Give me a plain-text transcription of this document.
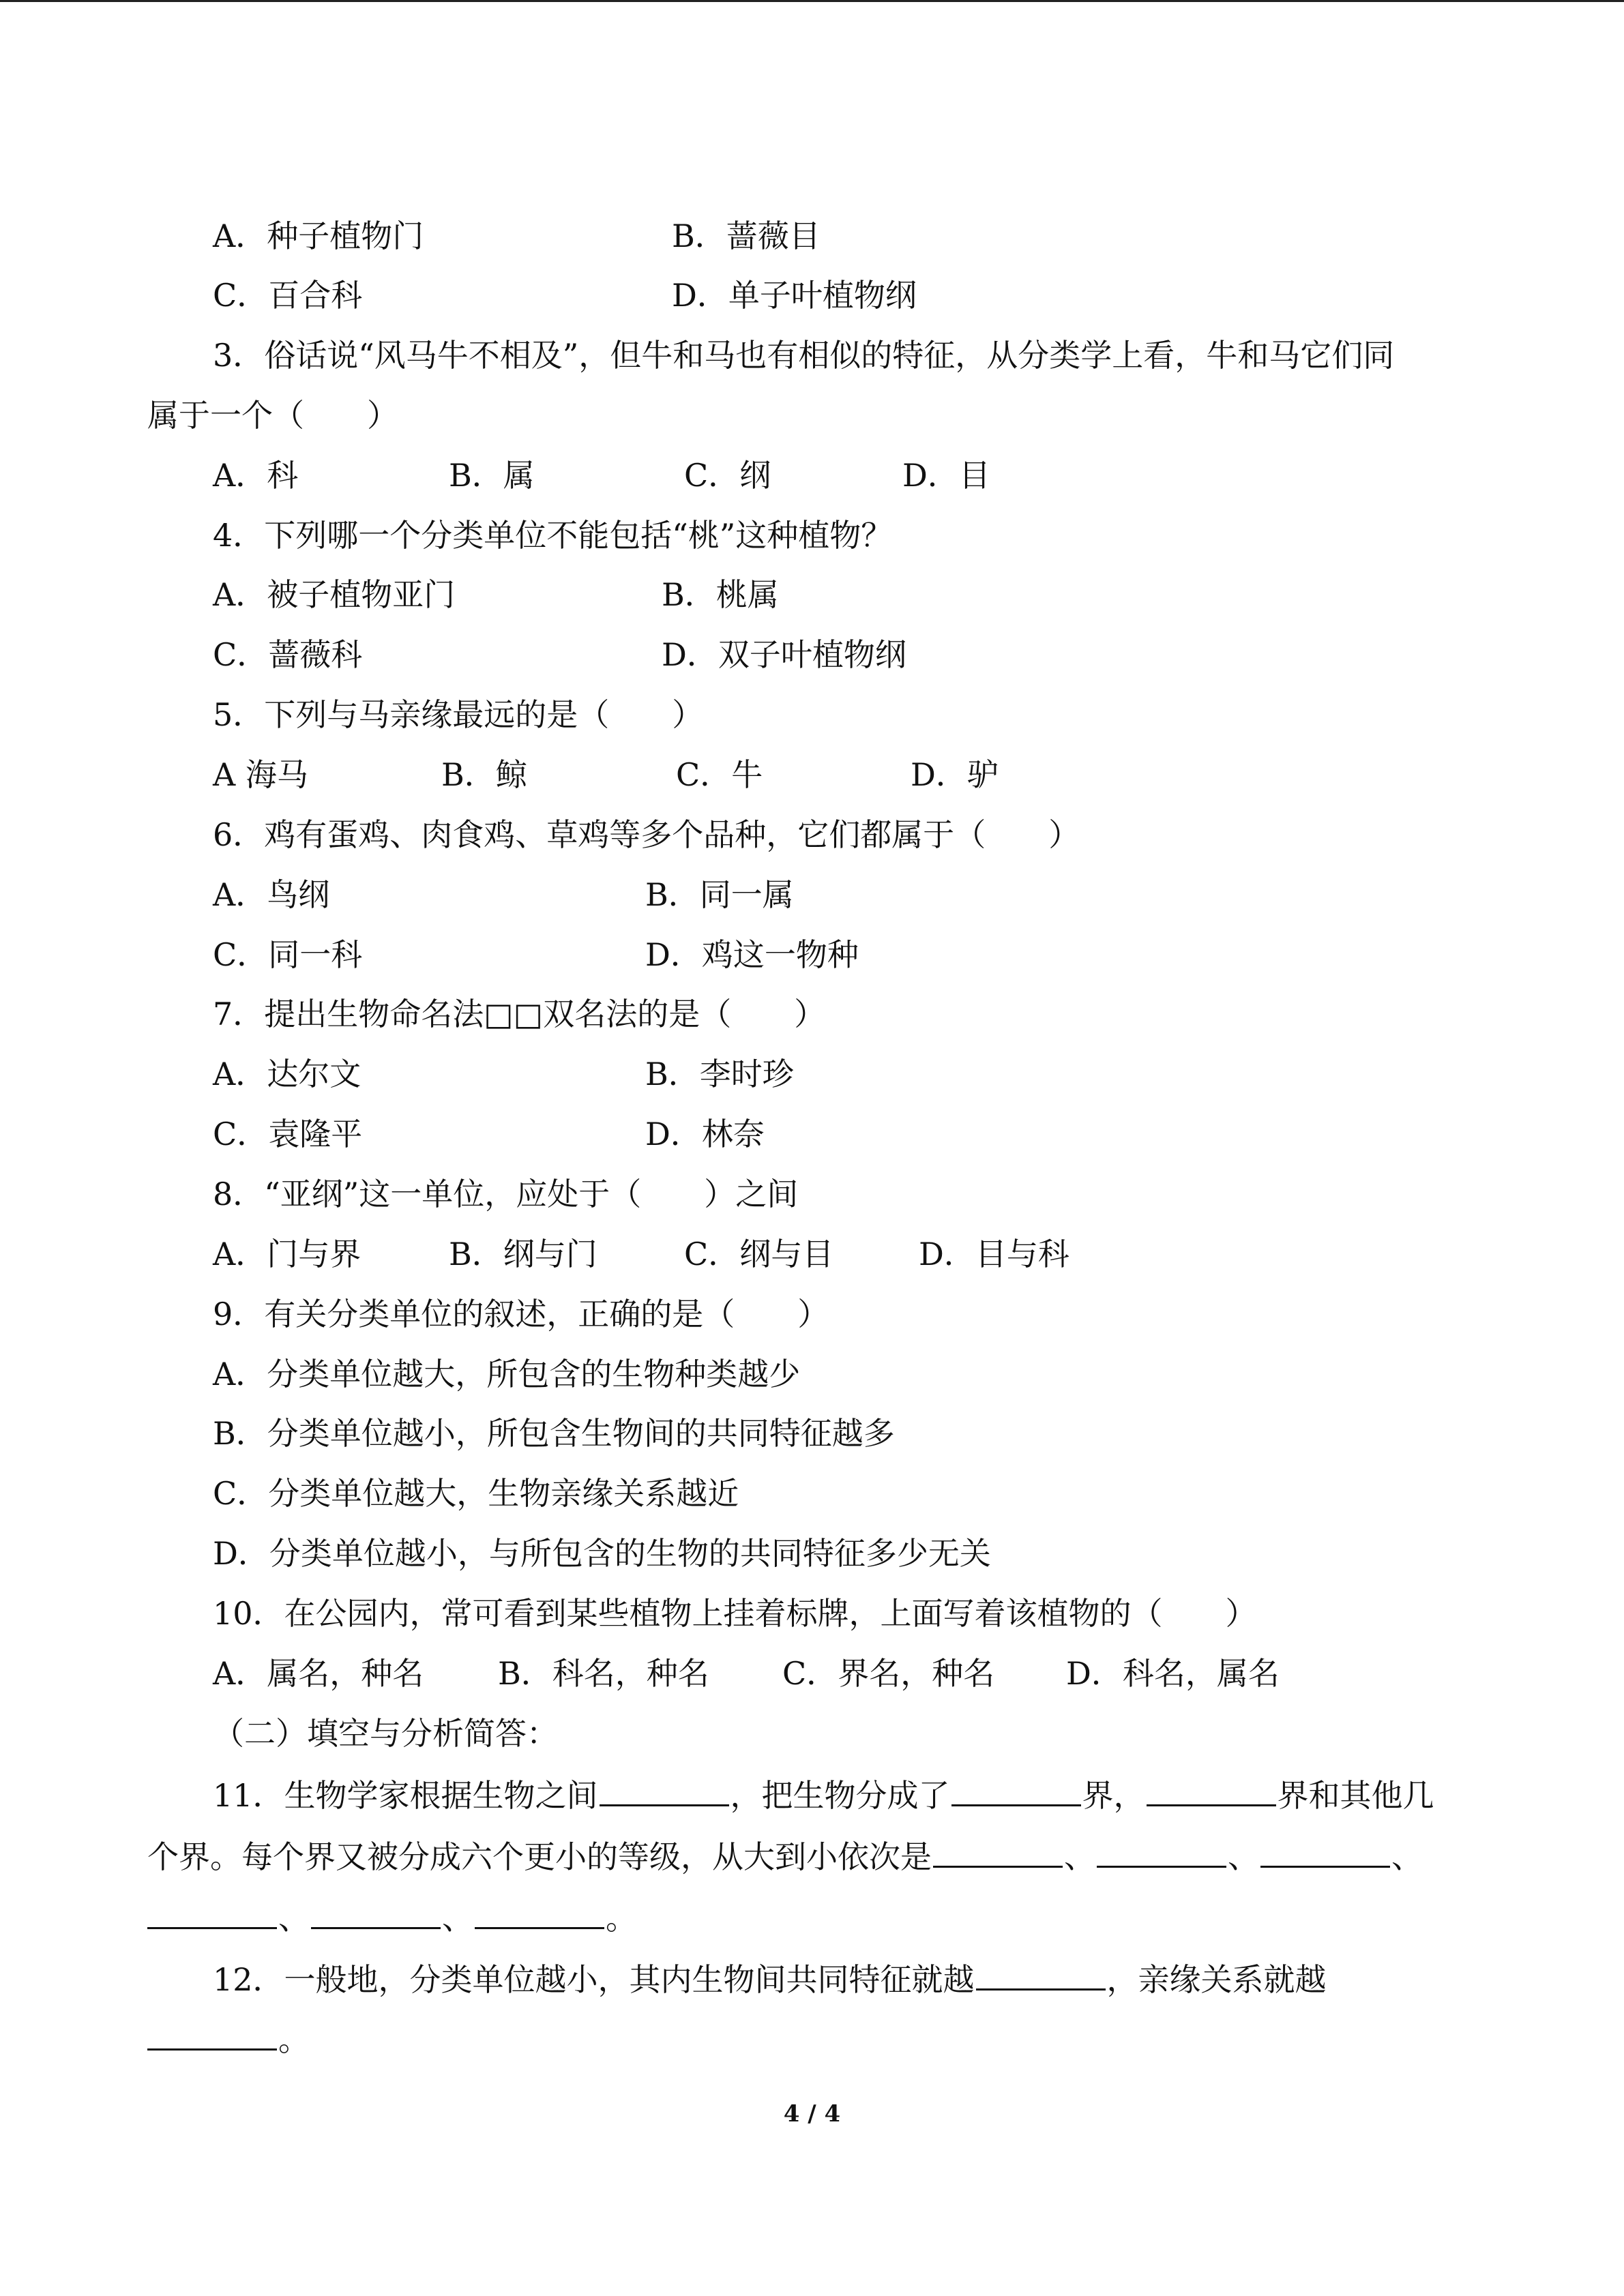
A．种子植物门	B．蔷薇目
C．百合科	D．单子叶植物纲
3．俗话说“风马牛不相及”，但牛和马也有相似的特征，从分类学上看，牛和马它们同
属于一个（　　）
A．科	B．属	C．纲	D．目
4．下列哪一个分类单位不能包括“桃”这种植物？
A．被子植物亚门	B．桃属
C．蔷薇科	D．双子叶植物纲
5．下列与马亲缘最远的是（　　）
A 海马	B．鲸	C．牛	D．驴
6．鸡有蛋鸡、肉食鸡、草鸡等多个品种，它们都属于（　　）
A．鸟纲	B．同一属
C．同一科	D．鸡这一物种
7．提出生物命名法□□双名法的是（　　）
A．达尔文	B．李时珍
C．袁隆平	D．林奈
8．“亚纲”这一单位，应处于（　　）之间
A．门与界	B．纲与门	C．纲与目	D．目与科
9．有关分类单位的叙述，正确的是（　　）
A．分类单位越大，所包含的生物种类越少
B．分类单位越小，所包含生物间的共同特征越多
C．分类单位越大，生物亲缘关系越近
D．分类单位越小，与所包含的生物的共同特征多少无关
10．在公园内，常可看到某些植物上挂着标牌，上面写着该植物的（　　）
A．属名，种名 B．科名，种名 C．界名，种名 D．科名，属名
（二）填空与分析简答：
11．生物学家根据生物之间	，把生物分成了	界，	界和其他几
个界。每个界又被分成六个更小的等级，从大到小依次是	、	、	、
、	、	。
12．一般地，分类单位越小，其内生物间共同特征就越	，亲缘关系就越
。
4 / 4
